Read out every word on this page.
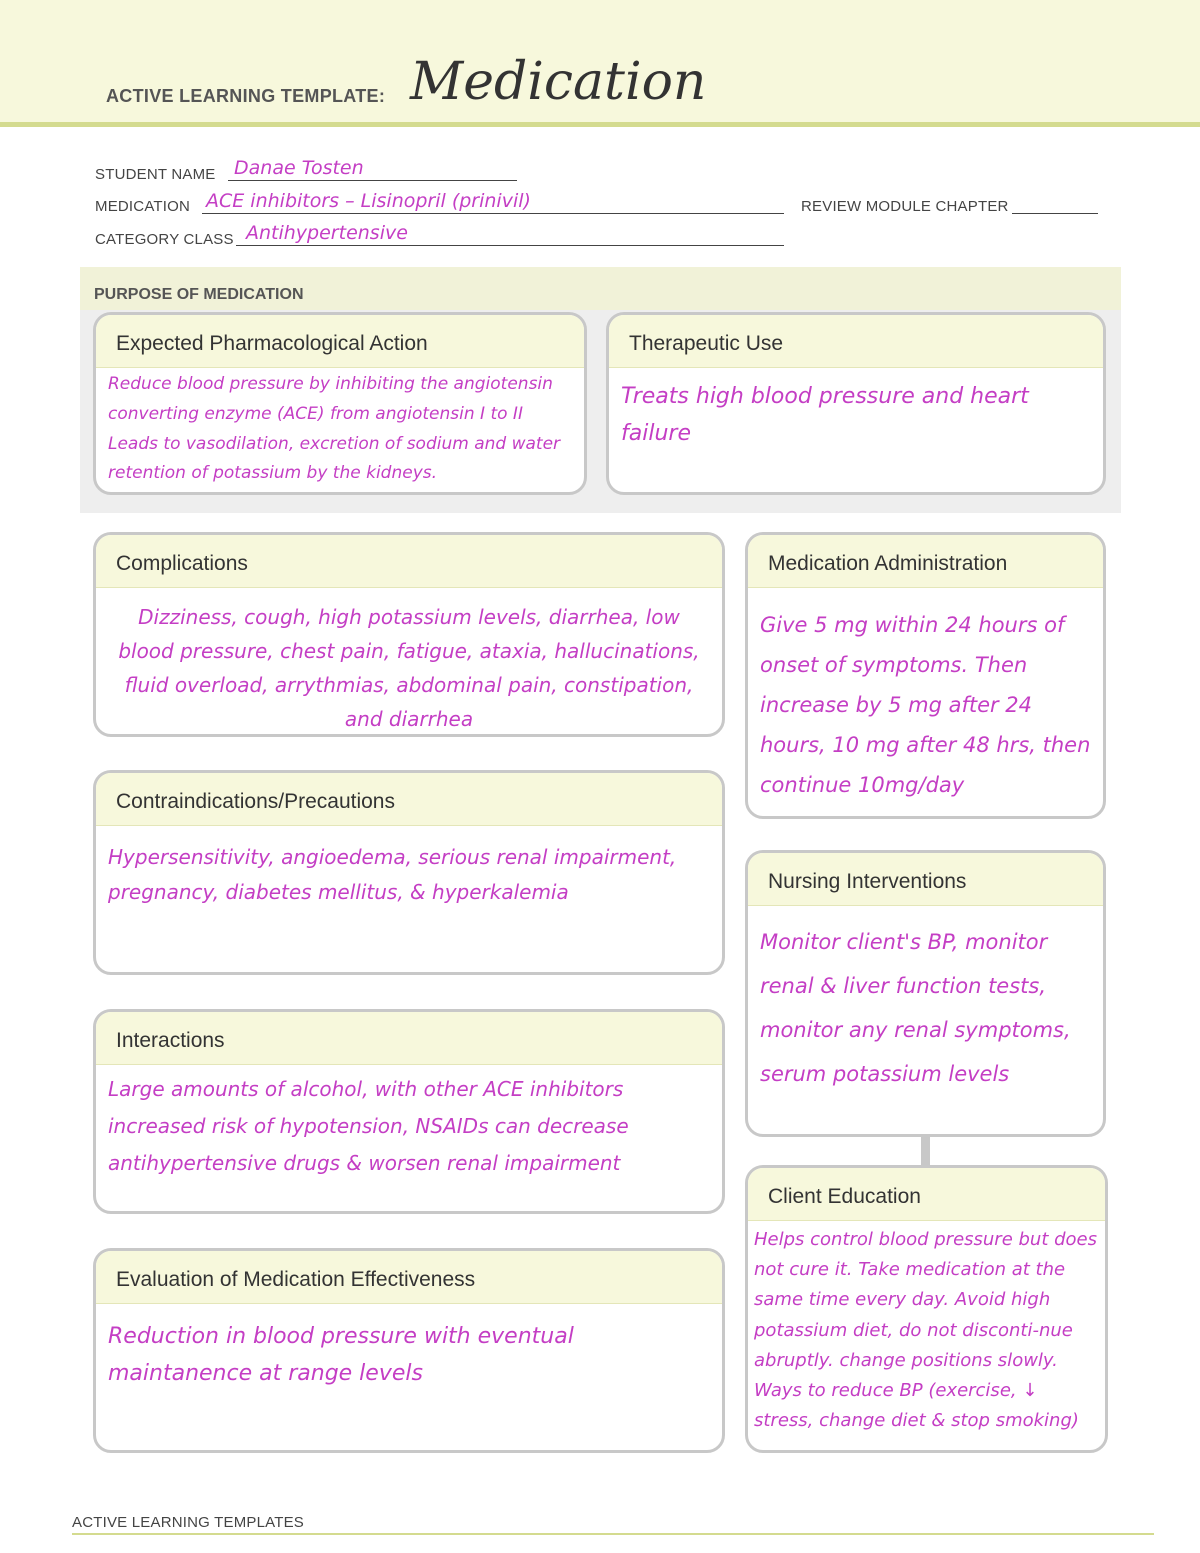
ACTIVE LEARNING TEMPLATE: Medication
STUDENT NAME Danae Tosten
MEDICATION ACE inhibitors – Lisinopril (prinivil)	REVIEW MODULE CHAPTER
CATEGORY CLASS Antihypertensive
PURPOSE OF MEDICATION
Expected Pharmacological Action
Reduce blood pressure by inhibiting the angiotensin converting enzyme (ACE) from angiotensin I to II Leads to vasodilation, excretion of sodium and water retention of potassium by the kidneys.
Therapeutic Use
Treats high blood pressure and heart failure
Complications
Dizziness, cough, high potassium levels, diarrhea, low blood pressure, chest pain, fatigue, ataxia, hallucinations, fluid overload, arrythmias, abdominal pain, constipation, and diarrhea
Medication Administration
Give 5 mg within 24 hours of onset of symptoms. Then increase by 5 mg after 24 hours, 10 mg after 48 hrs, then continue 10mg/day
Contraindications/Precautions
Hypersensitivity, angioedema, serious renal impairment, pregnancy, diabetes mellitus, & hyperkalemia	Nursing Interventions
Monitor client's BP, monitor renal & liver function tests, monitor any renal symptoms, serum potassium levels
Interactions
Large amounts of alcohol, with other ACE inhibitors increased risk of hypotension, NSAIDs can decrease antihypertensive drugs & worsen renal impairment
Client Education
Helps control blood pressure but does not cure it. Take medication at the same time every day. Avoid high potassium diet, do not disconti-nue abruptly. change positions slowly. Ways to reduce BP (exercise, ↓ stress, change diet & stop smoking)
Evaluation of Medication Effectiveness
Reduction in blood pressure with eventual maintanence at range levels
ACTIVE LEARNING TEMPLATES
